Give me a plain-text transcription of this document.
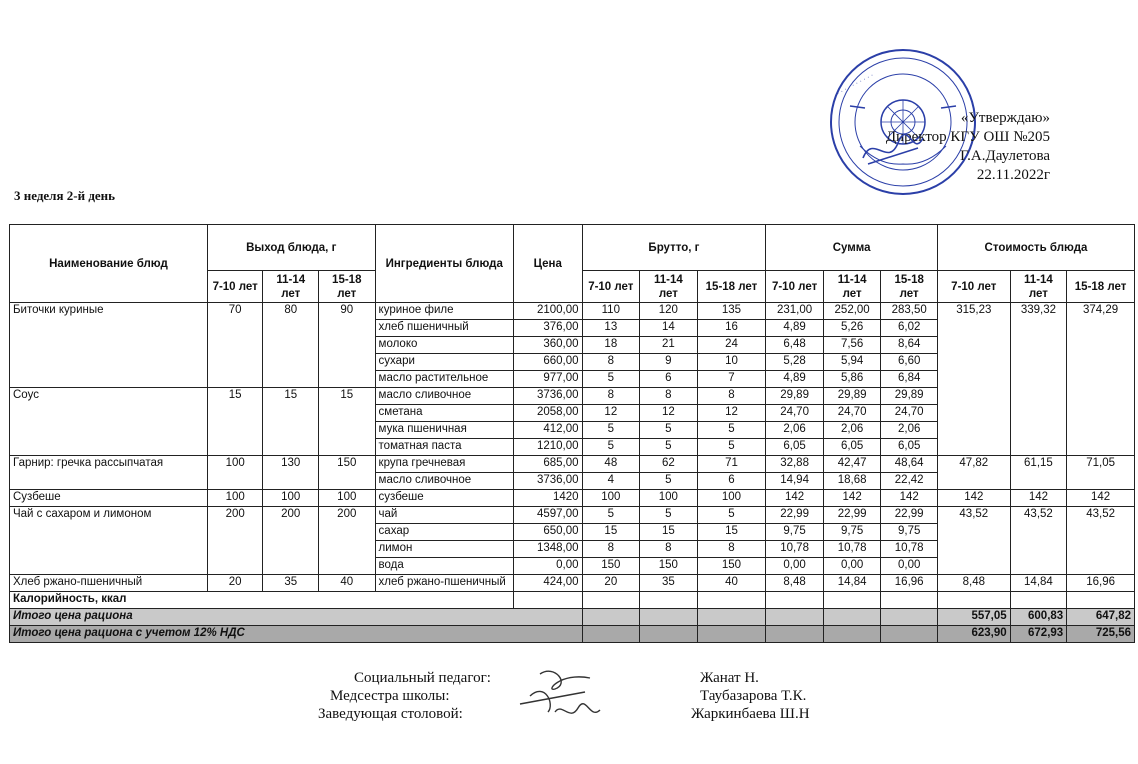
· · · · · · · · · ·
«Утверждаю»
Директор КГУ ОШ №205
Г.А.Даулетова
22.11.2022г
3 неделя 2-й день
Наименование блюд	Выход блюда, г			Ингредиенты блюда	Цена	Брутто, г			Сумма			Стоимость блюда		
	7-10 лет	11-14 лет	15-18 лет			7-10 лет	11-14 лет	15-18 лет	7-10 лет	11-14 лет	15-18 лет	7-10 лет	11-14 лет	15-18 лет
Биточки куриные	70	80	90	куриное филе	2100,00	110	120	135	231,00	252,00	283,50	315,23	339,32	374,29
				хлеб пшеничный	376,00	13	14	16	4,89	5,26	6,02			
				молоко	360,00	18	21	24	6,48	7,56	8,64			
				сухари	660,00	8	9	10	5,28	5,94	6,60			
				масло растительное	977,00	5	6	7	4,89	5,86	6,84			
Соус	15	15	15	масло сливочное	3736,00	8	8	8	29,89	29,89	29,89			
				сметана	2058,00	12	12	12	24,70	24,70	24,70			
				мука пшеничная	412,00	5	5	5	2,06	2,06	2,06			
				томатная паста	1210,00	5	5	5	6,05	6,05	6,05			
Гарнир: гречка рассыпчатая	100	130	150	крупа гречневая	685,00	48	62	71	32,88	42,47	48,64	47,82	61,15	71,05
				масло сливочное	3736,00	4	5	6	14,94	18,68	22,42			
Сузбеше	100	100	100	сузбеше	1420	100	100	100	142	142	142	142	142	142
Чай с сахаром и лимоном	200	200	200	чай	4597,00	5	5	5	22,99	22,99	22,99	43,52	43,52	43,52
				сахар	650,00	15	15	15	9,75	9,75	9,75			
				лимон	1348,00	8	8	8	10,78	10,78	10,78			
				вода	0,00	150	150	150	0,00	0,00	0,00			
Хлеб ржано-пшеничный	20	35	40	хлеб ржано-пшеничный	424,00	20	35	40	8,48	14,84	16,96	8,48	14,84	16,96
Калорийность, ккал														
Итого цена рациона												557,05	600,83	647,82
Итого цена рациона с учетом 12% НДС												623,90	672,93	725,56
Социальный педагог:	Жанат Н.
Медсестра школы:	Таубазарова Т.К.
Заведующая столовой:	Жаркинбаева Ш.Н
